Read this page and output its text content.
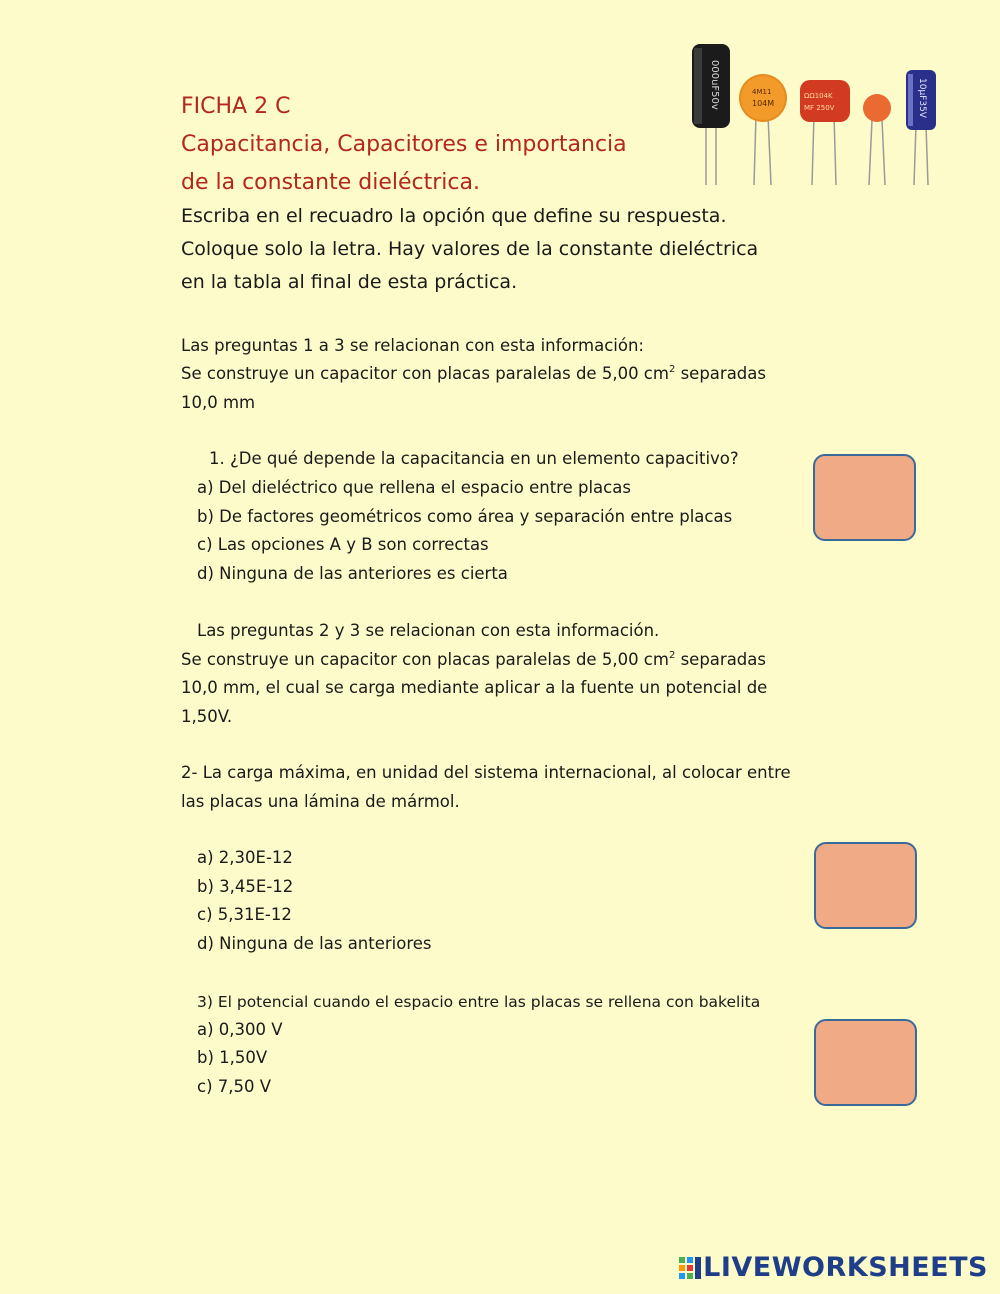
000uF50v	4M11
104M
ΩΩ104K
MF 250V	10µF35V
FICHA 2 C
Capacitancia, Capacitores e importancia
de la constante dieléctrica.
Escriba en el recuadro la opción que define su respuesta.
Coloque solo la letra. Hay valores de la constante dieléctrica
en la tabla al final de esta práctica.
Las preguntas 1 a 3 se relacionan con esta información:
Se construye un capacitor con placas paralelas de 5,00 $cm^2$ separadas
10,0 mm
1. ¿De qué depende la capacitancia en un elemento capacitivo?
a) Del dieléctrico que rellena el espacio entre placas
b) De factores geométricos como área y separación entre placas
c) Las opciones A y B son correctas
d) Ninguna de las anteriores es cierta
Las preguntas 2 y 3 se relacionan con esta información.
Se construye un capacitor con placas paralelas de 5,00 $cm^2$ separadas
10,0 mm, el cual se carga mediante aplicar a la fuente un potencial de
1,50V.
2- La carga máxima, en unidad del sistema internacional, al colocar entre
las placas una lámina de mármol.
a) 2,30E-12
b) 3,45E-12
c) 5,31E-12
d) Ninguna de las anteriores
3) El potencial cuando el espacio entre las placas se rellena con bakelita
a) 0,300 V
b) 1,50V
c) 7,50 V
LIVEWORKSHEETS
